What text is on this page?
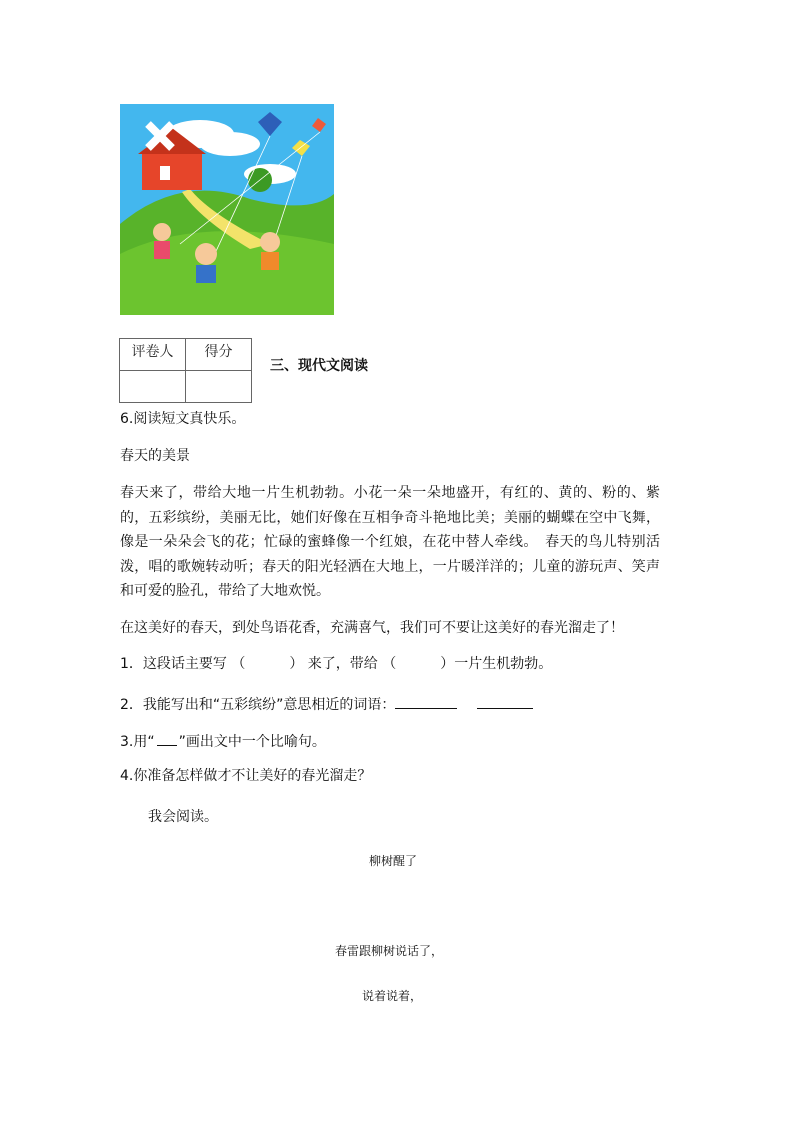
评卷人	得分

三、现代文阅读
6.阅读短文真快乐。
春天的美景
春天来了，带给大地一片生机勃勃。小花一朵一朵地盛开，有红的、黄的、粉的、紫的，五彩缤纷，美丽无比，她们好像在互相争奇斗艳地比美；美丽的蝴蝶在空中飞舞，像是一朵朵会飞的花；忙碌的蜜蜂像一个红娘，在花中替人牵线。　春天的鸟儿特别活泼，唱的歌婉转动听；春天的阳光轻洒在大地上，一片暖洋洋的；儿童的游玩声、笑声和可爱的脸孔，带给了大地欢悦。
在这美好的春天，到处鸟语花香，充满喜气，我们可不要让这美好的春光溜走了！
1．这段话主要写 （	） 来了，带给 （	）一片生机勃勃。
2．我能写出和“五彩缤纷”意思相近的词语：
3.用“ ”画出文中一个比喻句。
4.你准备怎样做才不让美好的春光溜走？
我会阅读。
柳树醒了
春雷跟柳树说话了，
说着说着，
